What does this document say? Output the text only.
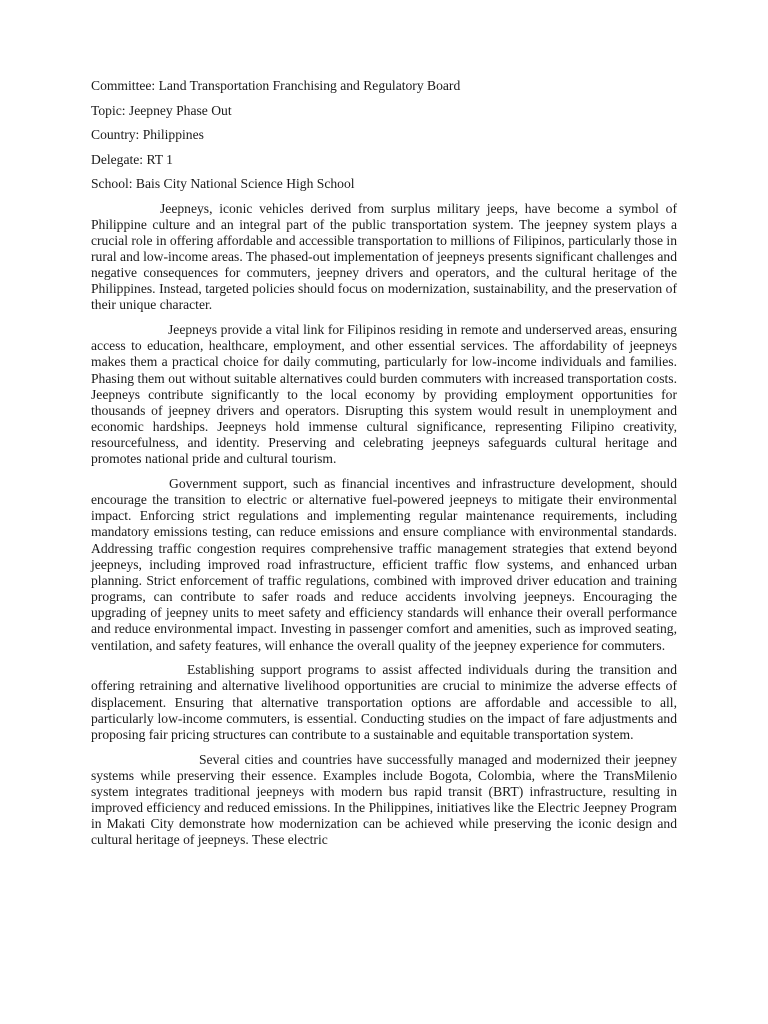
Committee: Land Transportation Franchising and Regulatory Board
Topic: Jeepney Phase Out
Country: Philippines
Delegate: RT 1
School: Bais City National Science High School

Jeepneys, iconic vehicles derived from surplus military jeeps, have become a symbol of Philippine culture and an integral part of the public transportation system. The jeepney system plays a crucial role in offering affordable and accessible transportation to millions of Filipinos, particularly those in rural and low-income areas. The phased-out implementation of jeepneys presents significant challenges and negative consequences for commuters, jeepney drivers and operators, and the cultural heritage of the Philippines. Instead, targeted policies should focus on modernization, sustainability, and the preservation of their unique character.

Jeepneys provide a vital link for Filipinos residing in remote and underserved areas, ensuring access to education, healthcare, employment, and other essential services. The affordability of jeepneys makes them a practical choice for daily commuting, particularly for low-income individuals and families. Phasing them out without suitable alternatives could burden commuters with increased transportation costs. Jeepneys contribute significantly to the local economy by providing employment opportunities for thousands of jeepney drivers and operators. Disrupting this system would result in unemployment and economic hardships. Jeepneys hold immense cultural significance, representing Filipino creativity, resourcefulness, and identity. Preserving and celebrating jeepneys safeguards cultural heritage and promotes national pride and cultural tourism.

Government support, such as financial incentives and infrastructure development, should encourage the transition to electric or alternative fuel-powered jeepneys to mitigate their environmental impact. Enforcing strict regulations and implementing regular maintenance requirements, including mandatory emissions testing, can reduce emissions and ensure compliance with environmental standards. Addressing traffic congestion requires comprehensive traffic management strategies that extend beyond jeepneys, including improved road infrastructure, efficient traffic flow systems, and enhanced urban planning. Strict enforcement of traffic regulations, combined with improved driver education and training programs, can contribute to safer roads and reduce accidents involving jeepneys. Encouraging the upgrading of jeepney units to meet safety and efficiency standards will enhance their overall performance and reduce environmental impact. Investing in passenger comfort and amenities, such as improved seating, ventilation, and safety features, will enhance the overall quality of the jeepney experience for commuters.

Establishing support programs to assist affected individuals during the transition and offering retraining and alternative livelihood opportunities are crucial to minimize the adverse effects of displacement. Ensuring that alternative transportation options are affordable and accessible to all, particularly low-income commuters, is essential. Conducting studies on the impact of fare adjustments and proposing fair pricing structures can contribute to a sustainable and equitable transportation system.

Several cities and countries have successfully managed and modernized their jeepney systems while preserving their essence. Examples include Bogota, Colombia, where the TransMilenio system integrates traditional jeepneys with modern bus rapid transit (BRT) infrastructure, resulting in improved efficiency and reduced emissions. In the Philippines, initiatives like the Electric Jeepney Program in Makati City demonstrate how modernization can be achieved while preserving the iconic design and cultural heritage of jeepneys. These electric
